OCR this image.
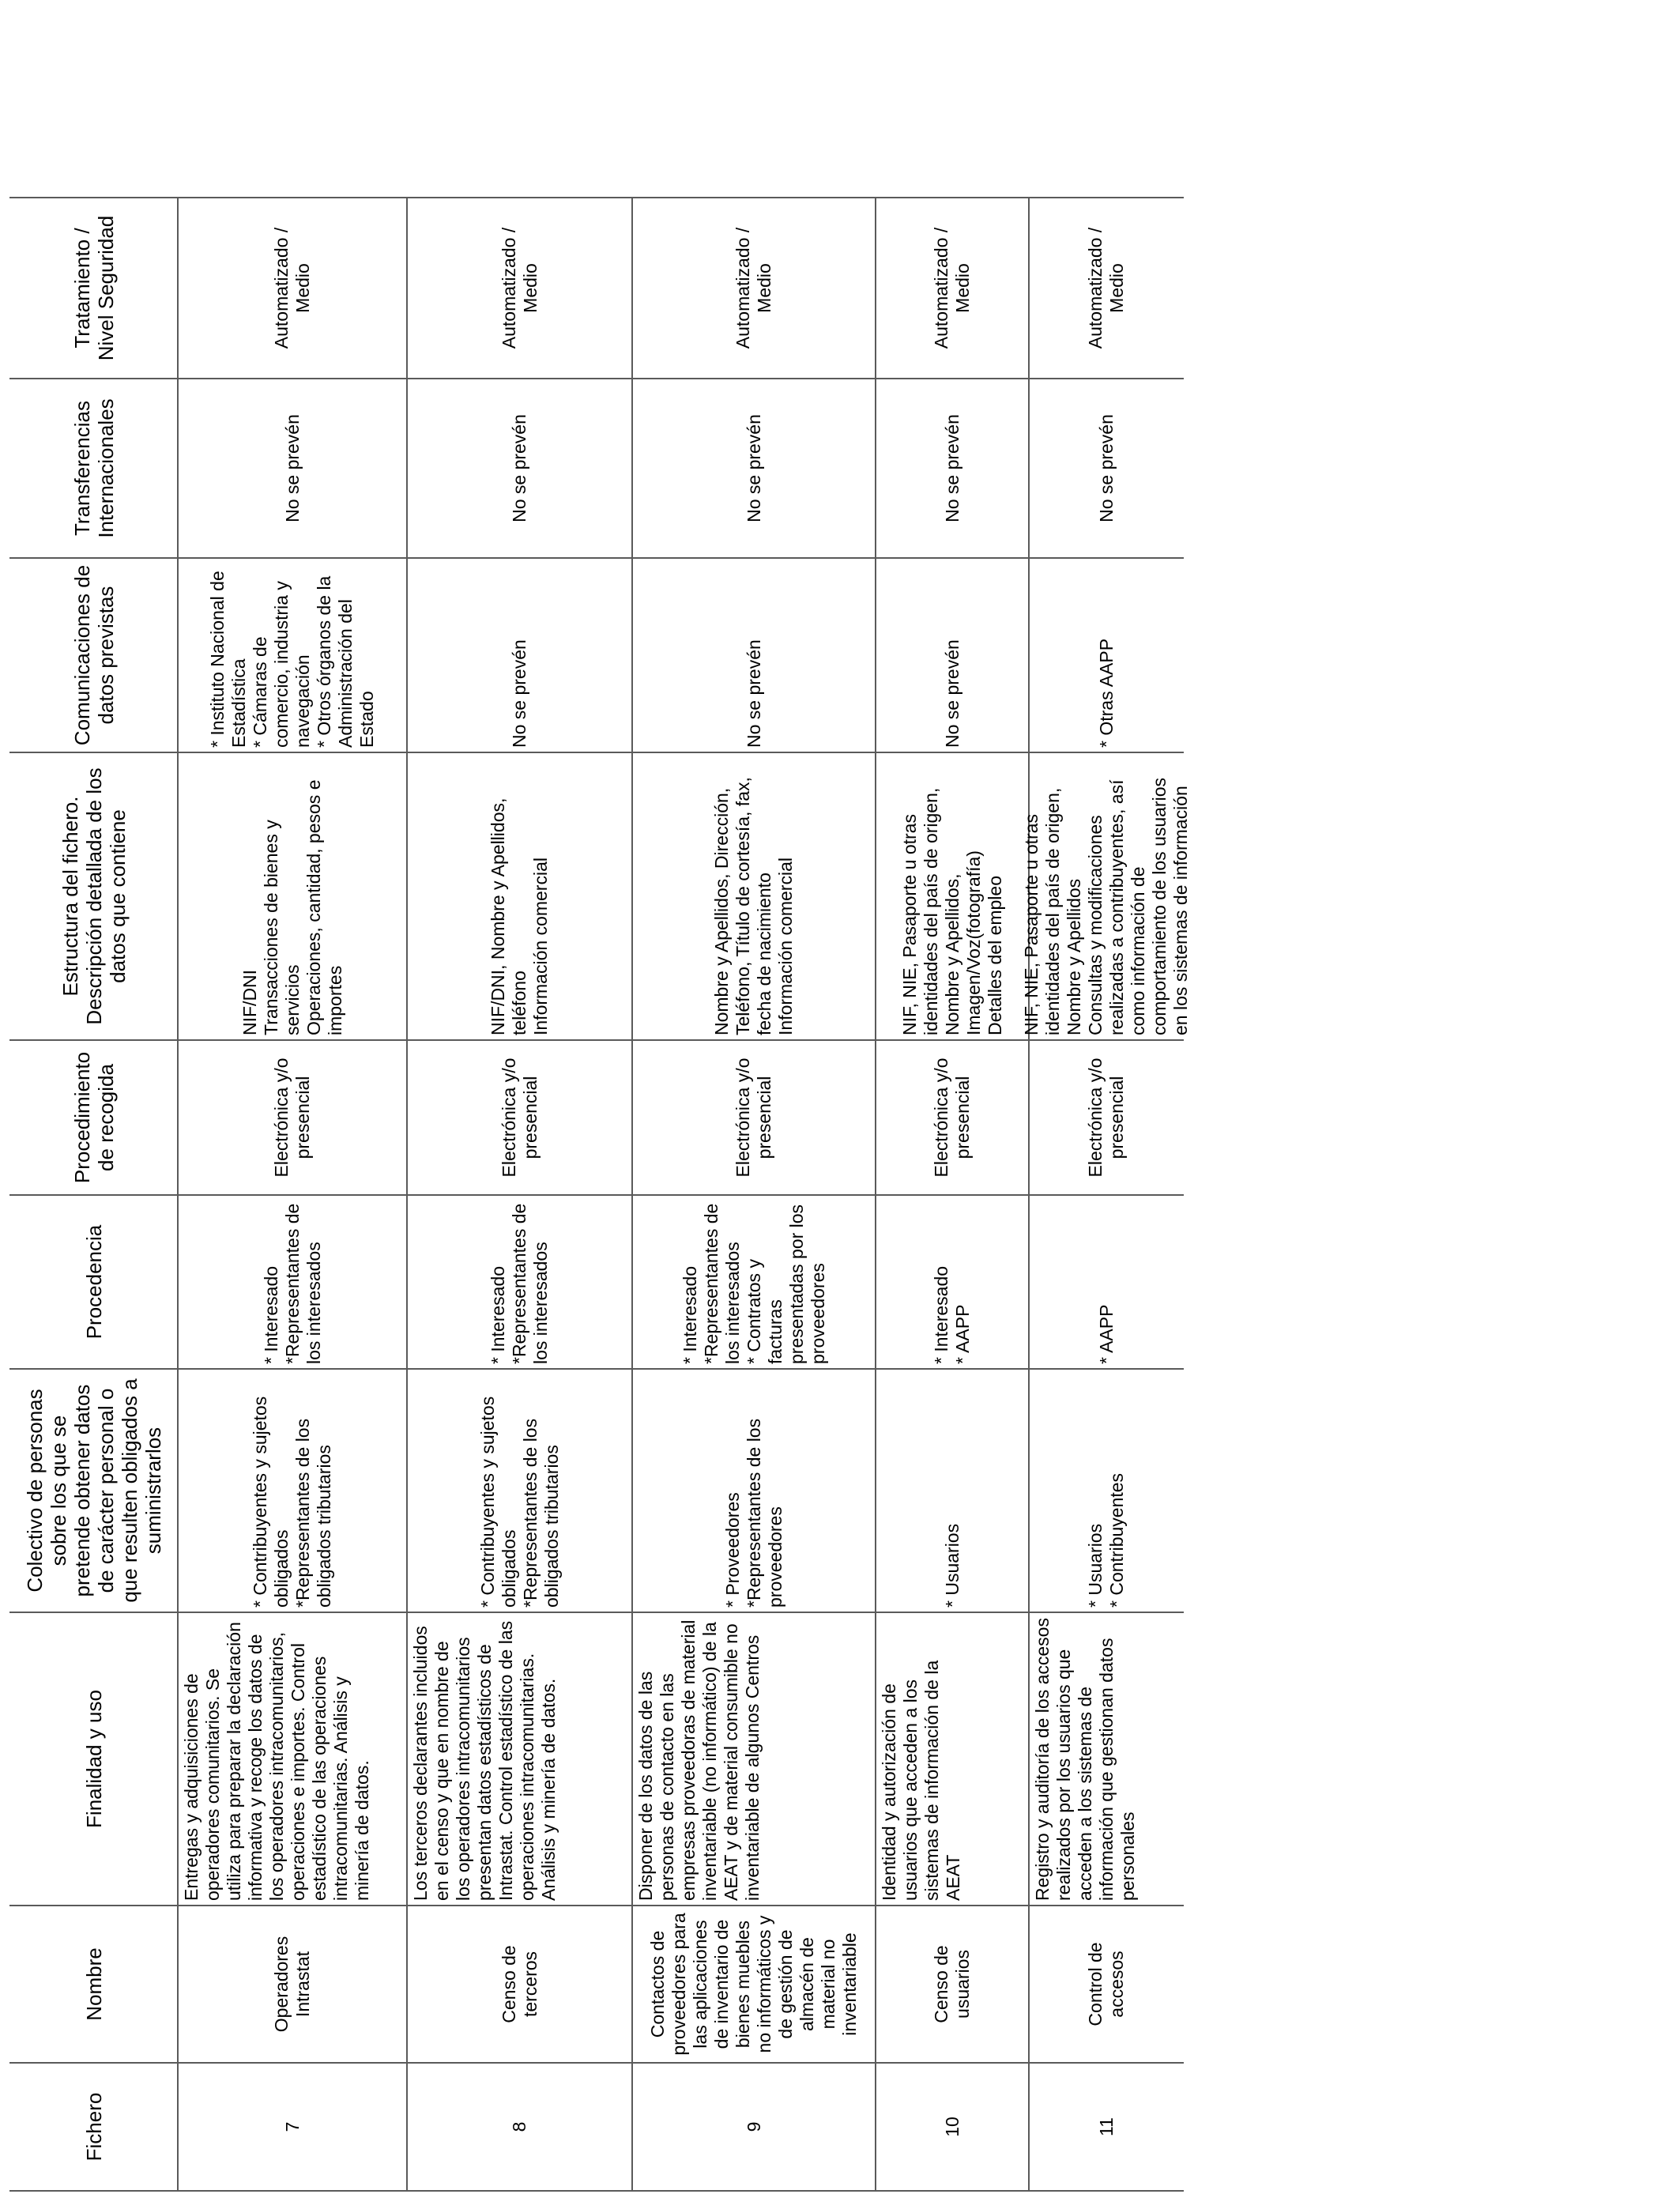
Fichero
Nombre
Finalidad y uso
Colectivo de personas sobre los que se pretende obtener datos de carácter personal o que resulten obligados a suministrarlos
Procedencia
Procedimiento de recogida
Estructura del fichero. Descripción detallada de los datos que contiene
Comunicaciones de datos previstas
Transferencias Internacionales
Tratamiento / Nivel Seguridad
7
Operadores Intrastat
Entregas y adquisiciones de operadores comunitarios. Se utiliza para preparar la declaración informativa y recoge los datos de los operadores intracomunitarios, operaciones e importes. Control estadístico de las operaciones intracomunitarias. Análisis y minería de datos.
* Contribuyentes y sujetos obligados
*Representantes de los obligados tributarios
* Interesado
*Representantes de los interesados
Electrónica y/o presencial
NIF/DNI
Transacciones de bienes y servicios
Operaciones, cantidad, pesos e importes
* Instituto Nacional de Estadística
* Cámaras de comercio, industria y navegación
* Otros órganos de la Administración del Estado
No se prevén
Automatizado / Medio
8
Censo de terceros
Los terceros declarantes incluidos en el censo y que en nombre de los operadores intracomunitarios presentan datos estadísticos de Intrastat. Control estadístico de las operaciones intracomunitarias. Análisis y minería de datos.
* Contribuyentes y sujetos obligados
*Representantes de los obligados tributarios
* Interesado
*Representantes de los interesados
Electrónica y/o presencial
NIF/DNI, Nombre y Apellidos, teléfono
Información comercial
No se prevén
No se prevén
Automatizado / Medio
9
Contactos de proveedores para las aplicaciones de inventario de bienes muebles no informáticos y de gestión de almacén de material no inventariable
Disponer de los datos de las personas de contacto en las empresas proveedoras de material inventariable (no informático) de la AEAT y de material consumible no inventariable de algunos Centros
* Proveedores
*Representantes de los proveedores
* Interesado
*Representantes de los interesados
* Contratos y facturas presentadas por los proveedores
Electrónica y/o presencial
Nombre y Apellidos, Dirección, Teléfono, Título de cortesía, fax, fecha de nacimiento
Información comercial
No se prevén
No se prevén
Automatizado / Medio
10
Censo de usuarios
Identidad y autorización de usuarios que acceden a los sistemas de información de la AEAT
* Usuarios
* Interesado
* AAPP
Electrónica y/o presencial
NIF, NIE, Pasaporte u otras identidades del país de origen, Nombre y Apellidos, Imagen/Voz(fotografía)
Detalles del empleo
No se prevén
No se prevén
Automatizado / Medio
11
Control de accesos
Registro y auditoría de los accesos realizados por los usuarios que acceden a los sistemas de información que gestionan datos personales
* Usuarios
* Contribuyentes
* AAPP
Electrónica y/o presencial
NIF, NIE, Pasaporte u otras identidades del país de origen, Nombre y Apellidos
Consultas y modificaciones realizadas a contribuyentes, así como información de comportamiento de los usuarios en los sistemas de información
* Otras AAPP
No se prevén
Automatizado / Medio
